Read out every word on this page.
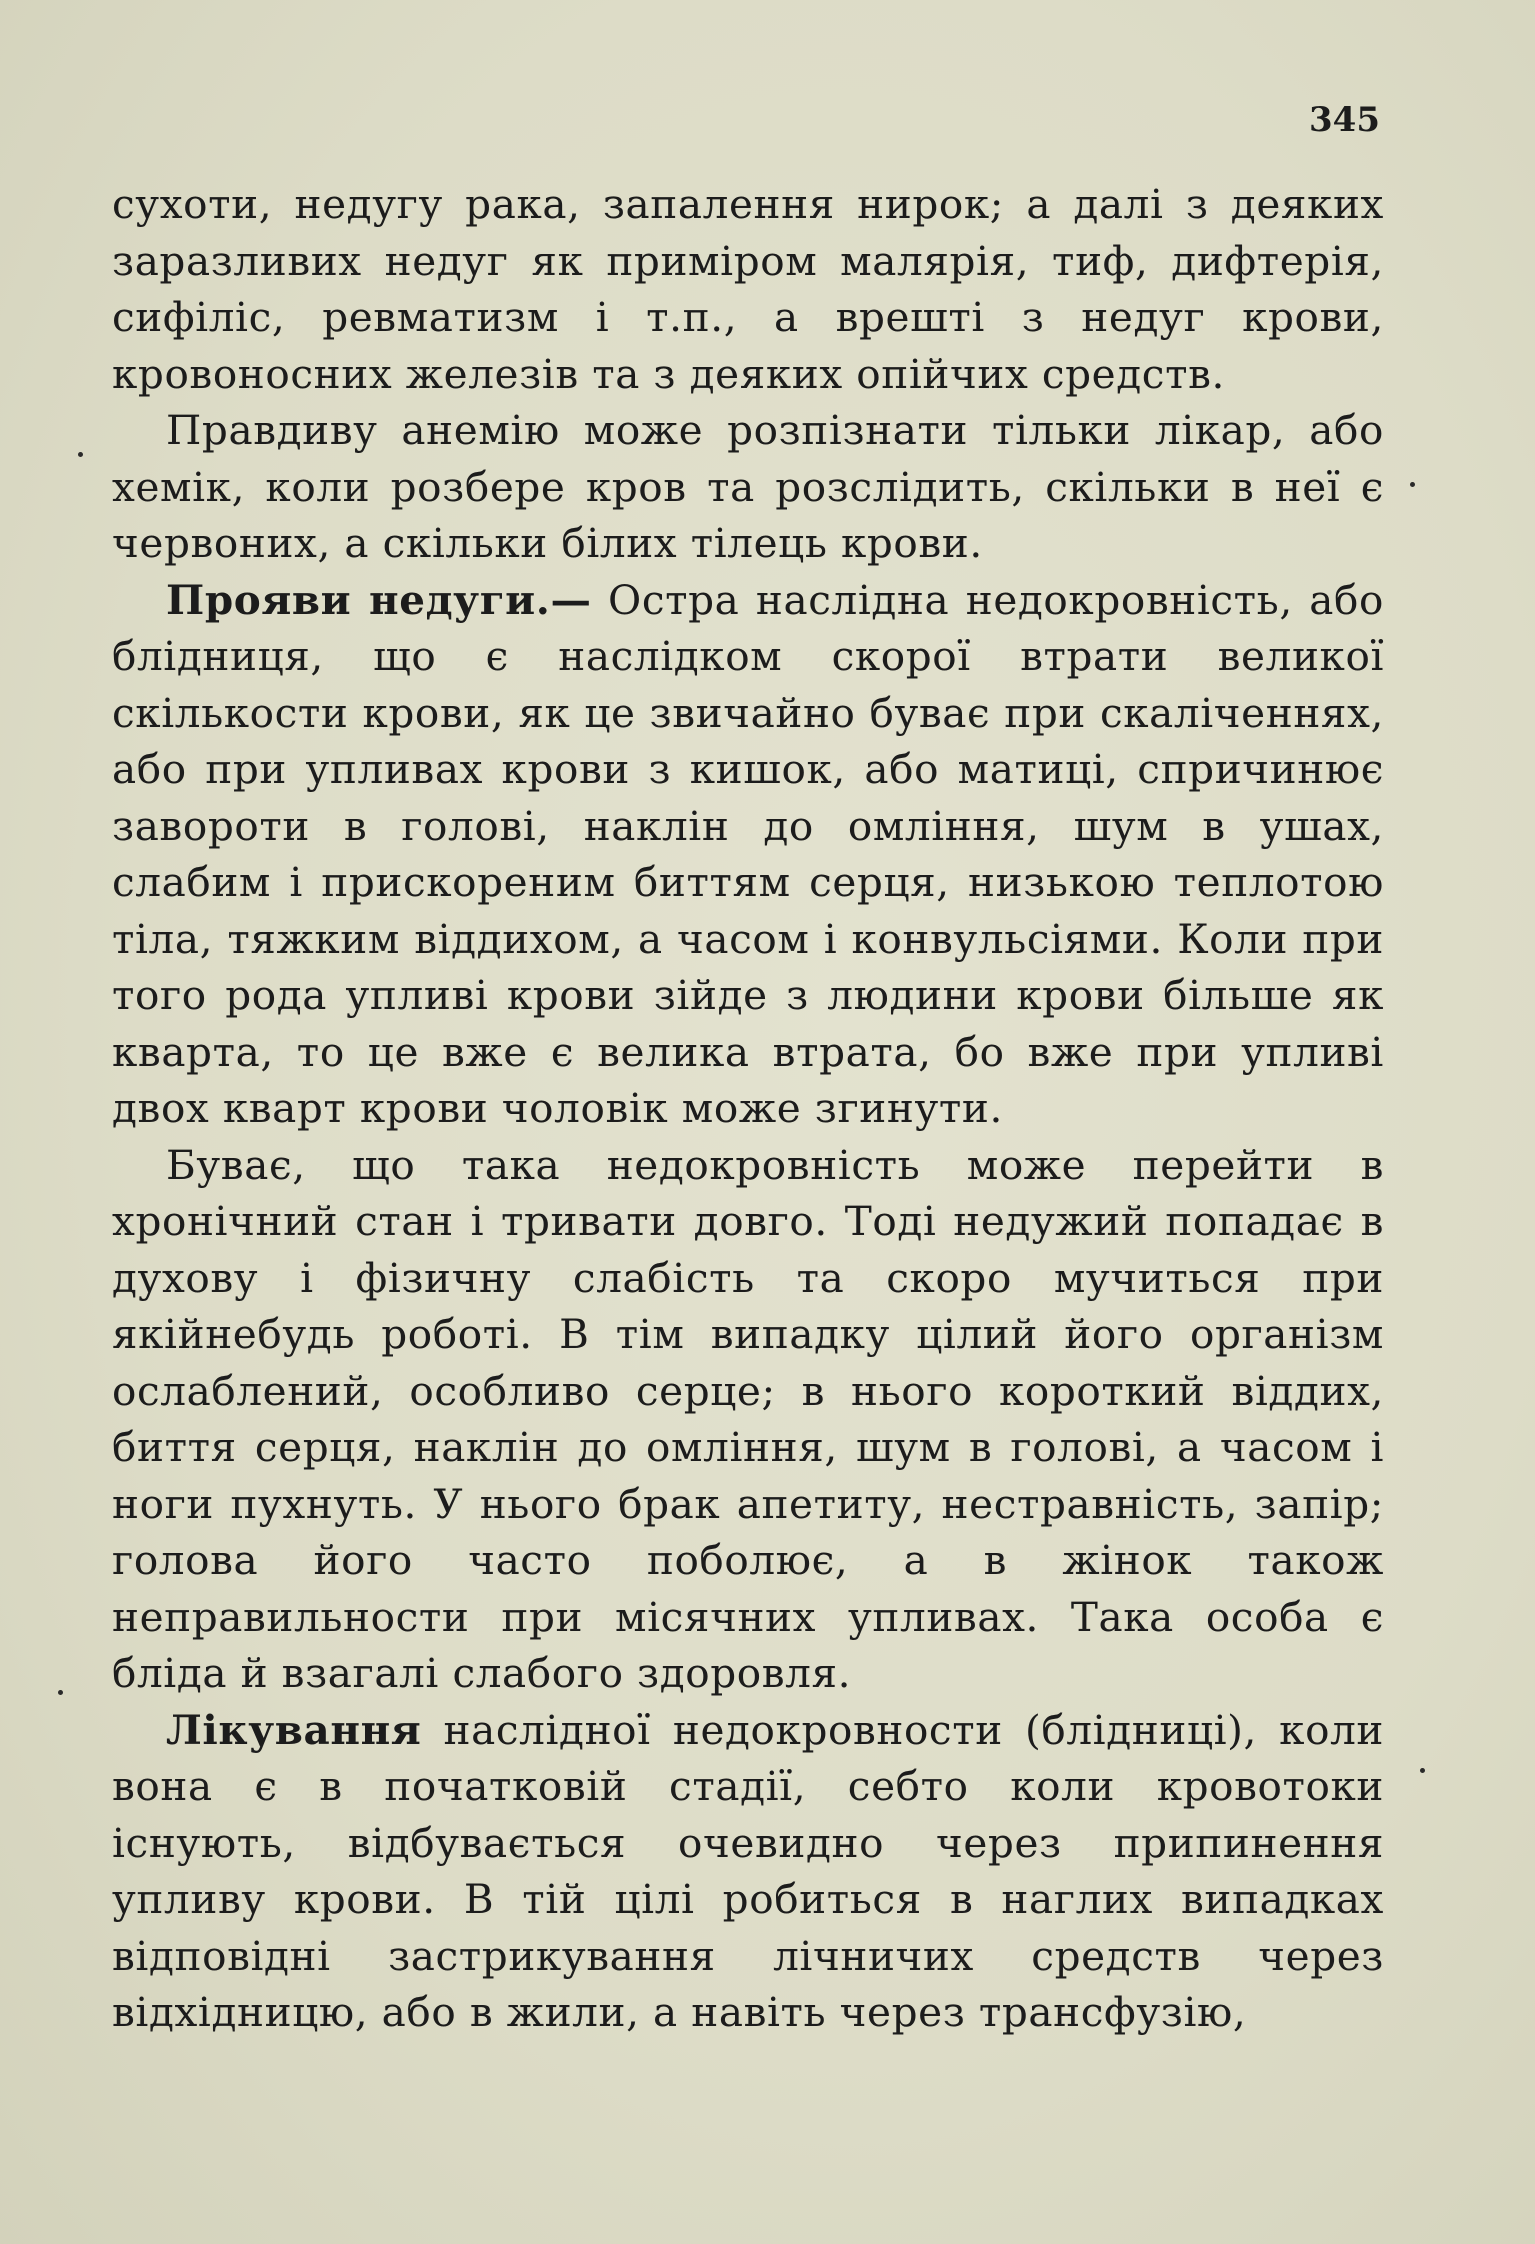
345

сухоти, недугу рака, запалення нирок; а далі з деяких заразливих недуг як приміром малярія, тиф, дифтерія, сифіліс, ревматизм і т.п., а врешті з недуг крови, кровоносних железів та з деяких опійчих средств.

Правдиву анемію може розпізнати тільки лікар, або хемік, коли розбере кров та розслідить, скільки в неї є червоних, а скільки білих тілець крови.

Прояви недуги.— Остра наслідна недокровність, або блідниця, що є наслідком скорої втрати великої скількости крови, як це звичайно буває при скаліченнях, або при упливах крови з кишок, або матиці, спричинює завороти в голові, наклін до омління, шум в ушах, слабим і прискореним биттям серця, низькою теплотою тіла, тяжким віддихом, а часом і конвульсіями. Коли при того рода упливі крови зійде з людини крови більше як кварта, то це вже є велика втрата, бо вже при упливі двох кварт крови чоловік може згинути.

Буває, що така недокровність може перейти в хронічний стан і тривати довго. Тоді недужий попадає в духову і фізичну слабість та скоро мучиться при якійнебудь роботі. В тім випадку цілий його організм ослаблений, особливо серце; в нього короткий віддих, биття серця, наклін до омління, шум в голові, а часом і ноги пухнуть. У нього брак апетиту, нестравність, запір; голова його часто поболює, а в жінок також неправильности при місячних упливах. Така особа є бліда й взагалі слабого здоровля.

Лікування наслідної недокровности (блідниці), коли вона є в початковій стадії, себто коли кровотоки існують, відбувається очевидно через припинення упливу крови. В тій цілі робиться в наглих випадках відповідні застрикування лічничих средств через відхідницю, або в жили, а навіть через трансфузію,
